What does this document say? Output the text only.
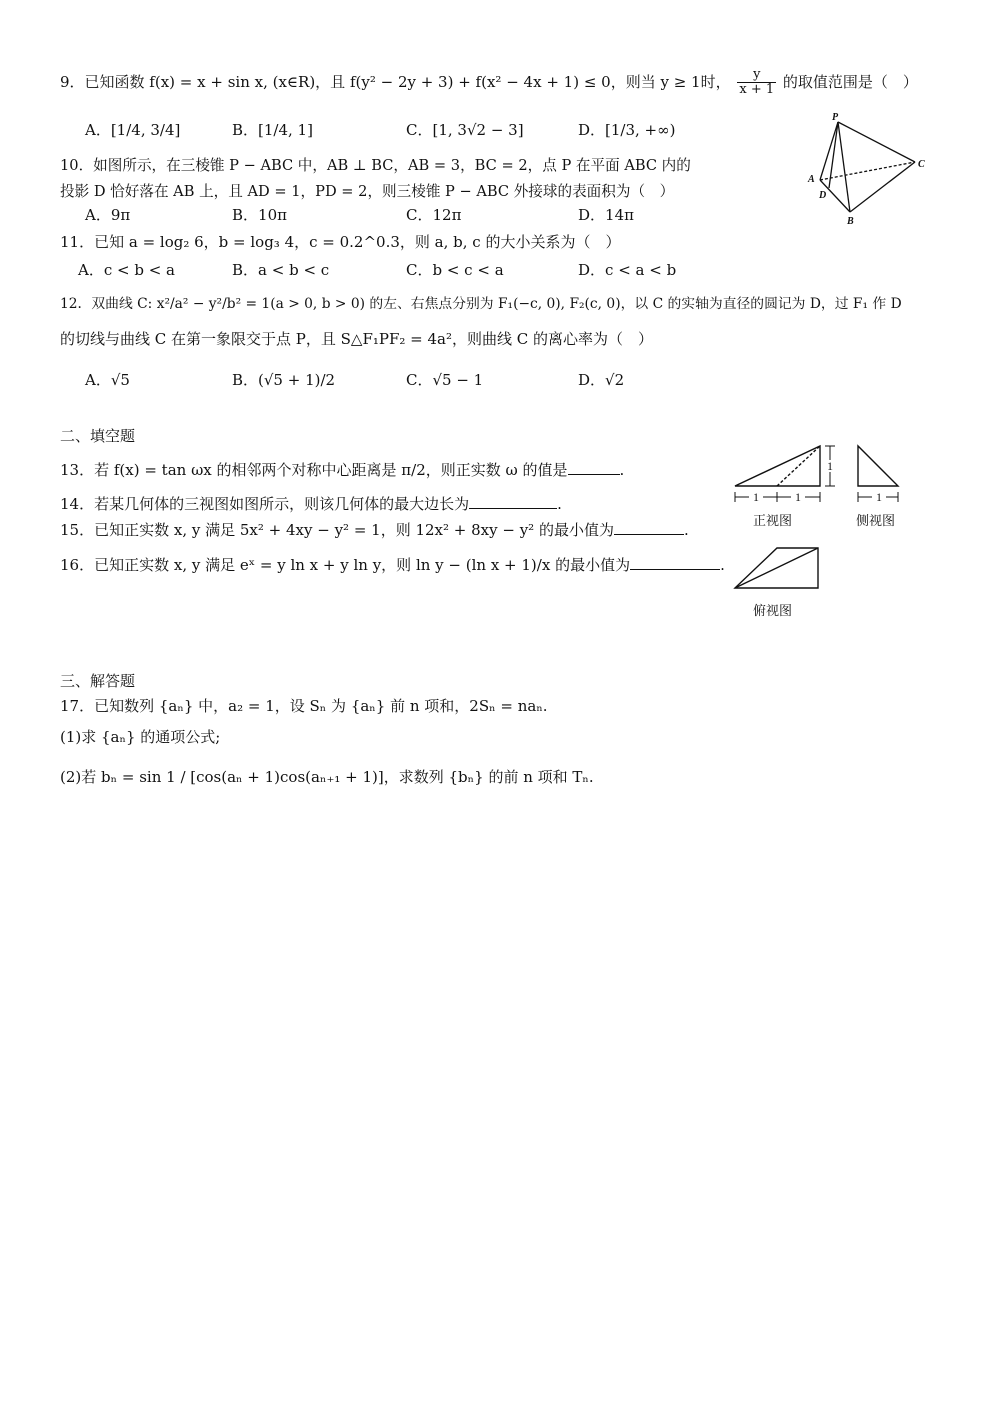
9．已知函数 f(x) = x + sin x, (x∈R)，且 f(y² − 2y + 3) + f(x² − 4x + 1) ≤ 0，则当 y ≥ 1时， $\frac{y}{x + 1}$ 的取值范围是（　）
A．[1/4, 3/4]	B．[1/4, 1]	C．[1, 3√2 − 3]	D．[1/3, +∞)
10．如图所示，在三棱锥 P − ABC 中，AB ⊥ BC，AB = 3，BC = 2，点 P 在平面 ABC 内的
投影 D 恰好落在 AB 上，且 AD = 1，PD = 2，则三棱锥 P − ABC 外接球的表面积为（　）
A．9π	B．10π	C．12π	D．14π
P
A
D
B
C
11．已知 a = log₂ 6，b = log₃ 4，c = 0.2^0.3，则 a, b, c 的大小关系为（　）
A．c < b < a	B．a < b < c	C．b < c < a	D．c < a < b
12．双曲线 C: x²/a² − y²/b² = 1(a > 0, b > 0) 的左、右焦点分别为 F₁(−c, 0), F₂(c, 0)，以 C 的实轴为直径的圆记为 D，过 F₁ 作 D
的切线与曲线 C 在第一象限交于点 P，且 S△F₁PF₂ = 4a²，则曲线 C 的离心率为（　）
A．√5	B．(√5 + 1)/2	C．√5 − 1	D．√2
二、填空题
13．若 f(x) = tan ωx 的相邻两个对称中心距离是 π/2，则正实数 ω 的值是	.
14．若某几何体的三视图如图所示，则该几何体的最大边长为	.
15．已知正实数 x, y 满足 5x² + 4xy − y² = 1，则 12x² + 8xy − y² 的最小值为	.
16．已知正实数 x, y 满足 eˣ = y ln x + y ln y，则 ln y − (ln x + 1)/x 的最小值为	.
1	1
1
正视图
1
侧视图
俯视图
三、解答题
17．已知数列 {aₙ} 中，a₂ = 1，设 Sₙ 为 {aₙ} 前 n 项和，2Sₙ = naₙ.
(1)求 {aₙ} 的通项公式;
(2)若 bₙ = sin 1 / [cos(aₙ + 1)cos(aₙ₊₁ + 1)]，求数列 {bₙ} 的前 n 项和 Tₙ.
